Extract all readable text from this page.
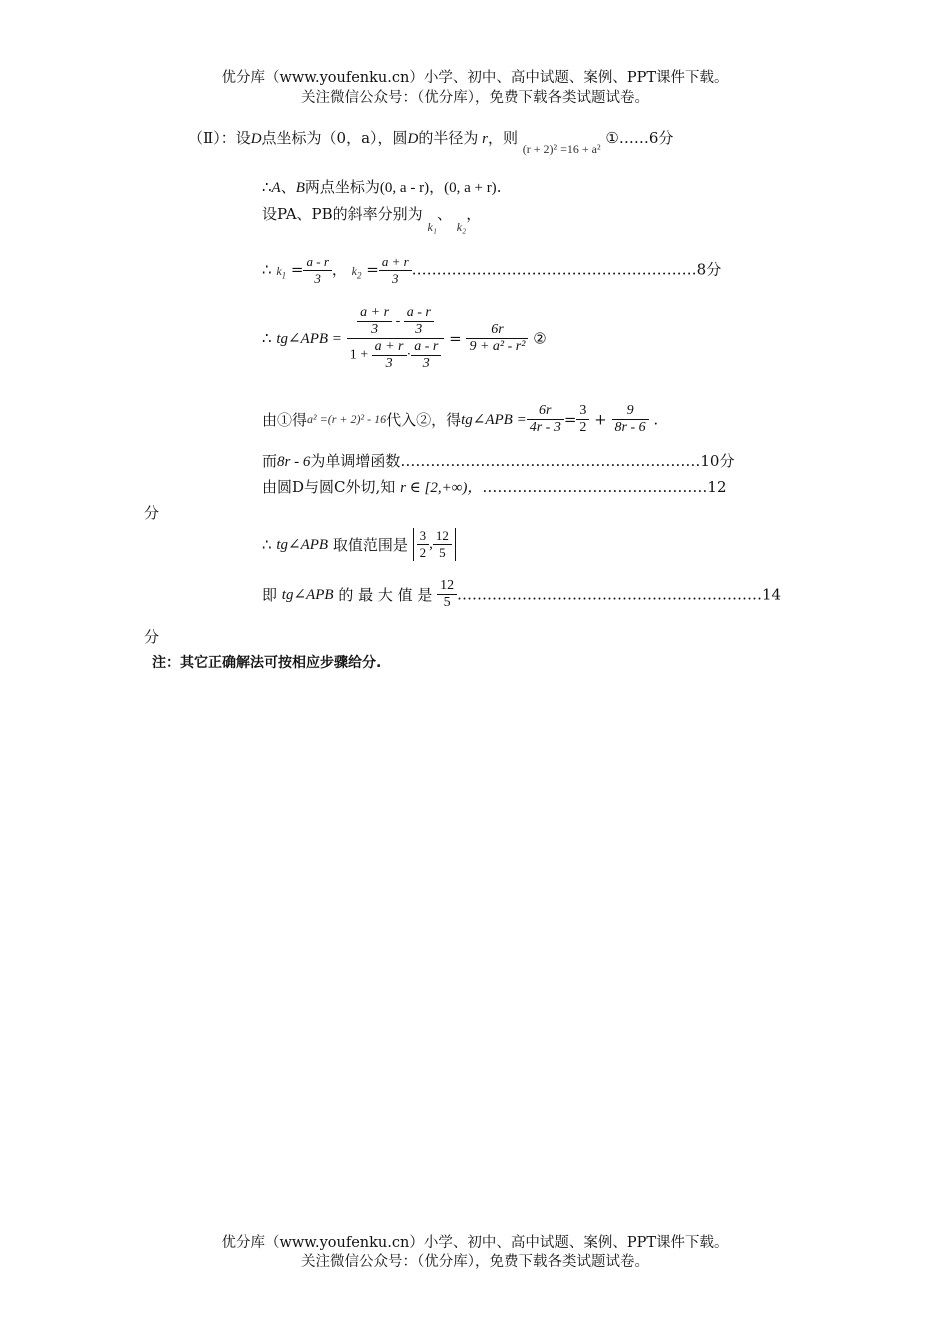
优分库（www.youfenku.cn）小学、初中、高中试题、案例、PPT课件下载。
关注微信公众号：（优分库），免费下载各类试题试卷。
（Ⅱ）：设D点坐标为（0，a），圆D的半径为 r，则 $_{(r + 2)^2 =16 + a^2}$ ①……6分
∴A、B两点坐标为(0, a - r)，(0, a + r).
设PA、PB的斜率分别为 $_{k_1}$、 $_{k_2}$，
∴ $k_1 = \frac{a - r}{3}$ ， $k_2 = \frac{a + r}{3}$ …………………………………………………8分
∴ tg∠APB = $\frac{\frac{a + r}{3} - \frac{a - r}{3}}{1 + \frac{a + r}{3} \cdot \frac{a - r}{3}} = \frac{6r}{\text{9 + a² - r²}}$ ②
由①得a² =(r + 2)² - 16代入②，得tg∠APB = $\frac{6r}{4r - 3} = \frac{3}{2} + \frac{9}{8r - 6}$ .
而8r - 6为单调增函数……………………………………………………10分
由圆D与圆C外切,知 r ∈ [2,+∞)，………………………………………12
分
∴ tg∠APB 取值范围是 $\frac{3}{2}$ , $\frac{12}{5}$
即 tg∠APB 的 最 大 值 是 $\frac{12}{5}$ .……………………………………………………14
分
注：其它正确解法可按相应步骤给分.
优分库（www.youfenku.cn）小学、初中、高中试题、案例、PPT课件下载。
关注微信公众号：（优分库），免费下载各类试题试卷。
